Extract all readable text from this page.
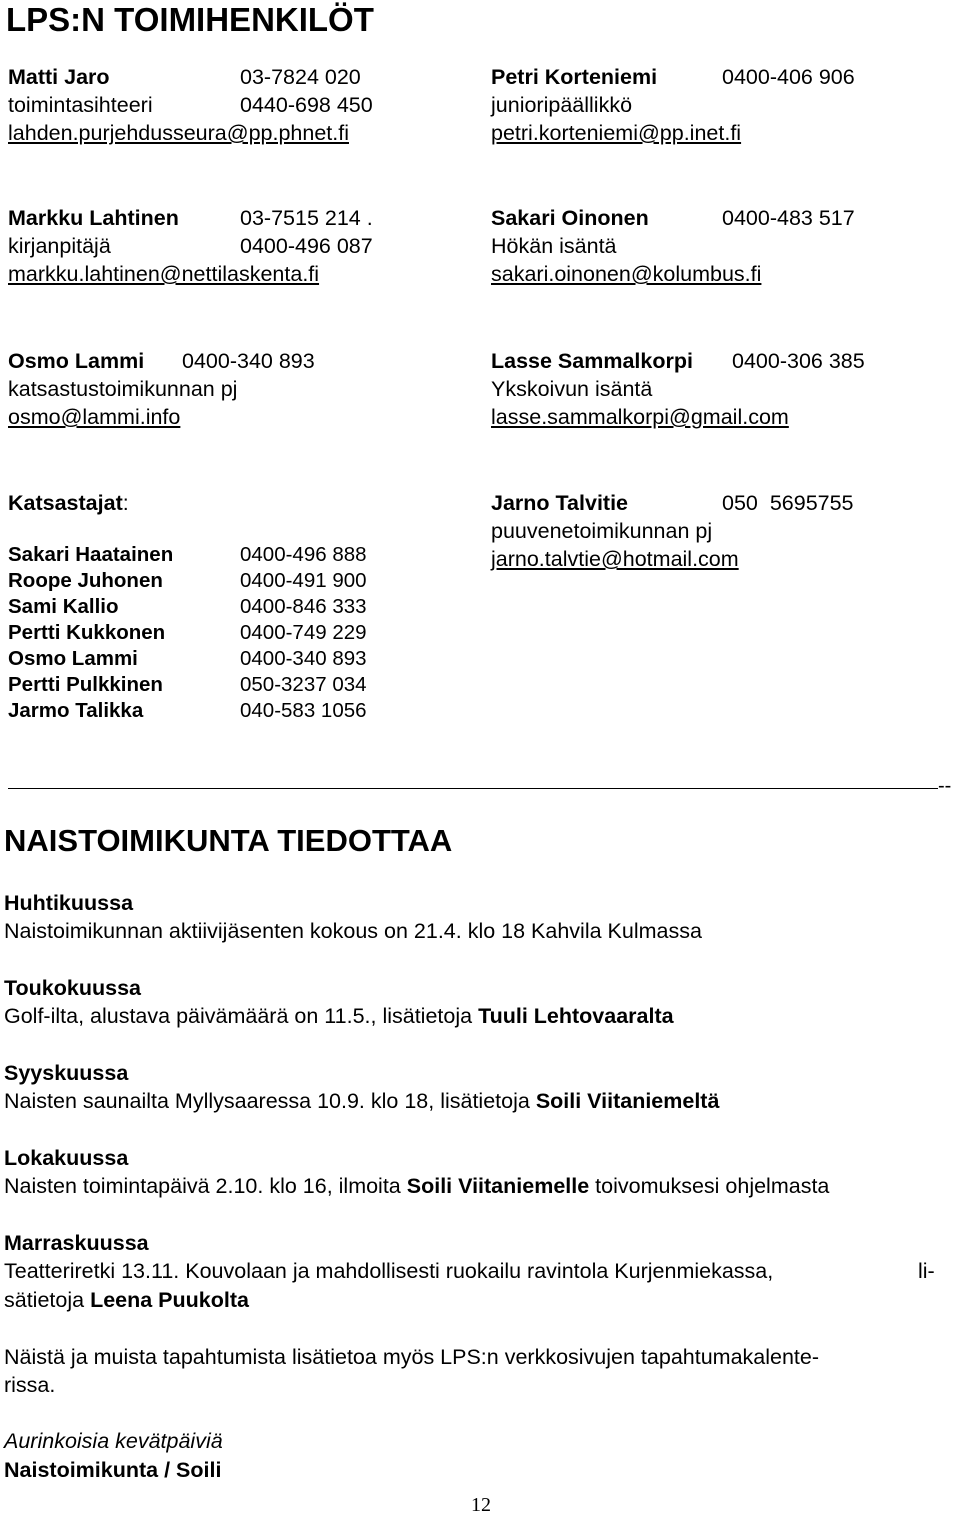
LPS:N TOIMIHENKILÖT
Matti Jaro	03-7824 020
toimintasihteeri	0440-698 450
lahden.purjehdusseura@pp.phnet.fi
Petri Korteniemi	0400-406 906
junioripäällikkö
petri.korteniemi@pp.inet.fi
Markku Lahtinen	03-7515 214 .
kirjanpitäjä	0400-496 087
markku.lahtinen@nettilaskenta.fi
Sakari Oinonen	0400-483 517
Hökän isäntä
sakari.oinonen@kolumbus.fi
Osmo Lammi 0400-340 893
katsastustoimikunnan pj
osmo@lammi.info
Lasse Sammalkorpi 0400-306 385
Ykskoivun isäntä
lasse.sammalkorpi@gmail.com
Katsastajat:	Jarno Talvitie	050  5695755
puuvenetoimikunnan pj
jarno.talvtie@hotmail.com
Sakari Haatainen	0400-496 888
Roope Juhonen	0400-491 900
Sami Kallio	0400-846 333
Pertti Kukkonen	0400-749 229
Osmo Lammi	0400-340 893
Pertti Pulkkinen	050-3237 034
Jarmo Talikka	040-583 1056
--
NAISTOIMIKUNTA TIEDOTTAA
Huhtikuussa
Naistoimikunnan aktiivijäsenten kokous on 21.4. klo 18 Kahvila Kulmassa
Toukokuussa
Golf-ilta, alustava päivämäärä on 11.5., lisätietoja Tuuli Lehtovaaralta
Syyskuussa
Naisten saunailta Myllysaaressa 10.9. klo 18, lisätietoja Soili Viitaniemeltä
Lokakuussa
Naisten toimintapäivä 2.10. klo 16, ilmoita Soili Viitaniemelle toivomuksesi ohjelmasta
Marraskuussa
Teatteriretki 13.11. Kouvolaan ja mahdollisesti ruokailu ravintola Kurjenmiekassa,	li-
sätietoja Leena Puukolta
Näistä ja muista tapahtumista lisätietoa myös LPS:n verkkosivujen tapahtumakalente-
rissa.
Aurinkoisia kevätpäiviä
Naistoimikunta / Soili
12
